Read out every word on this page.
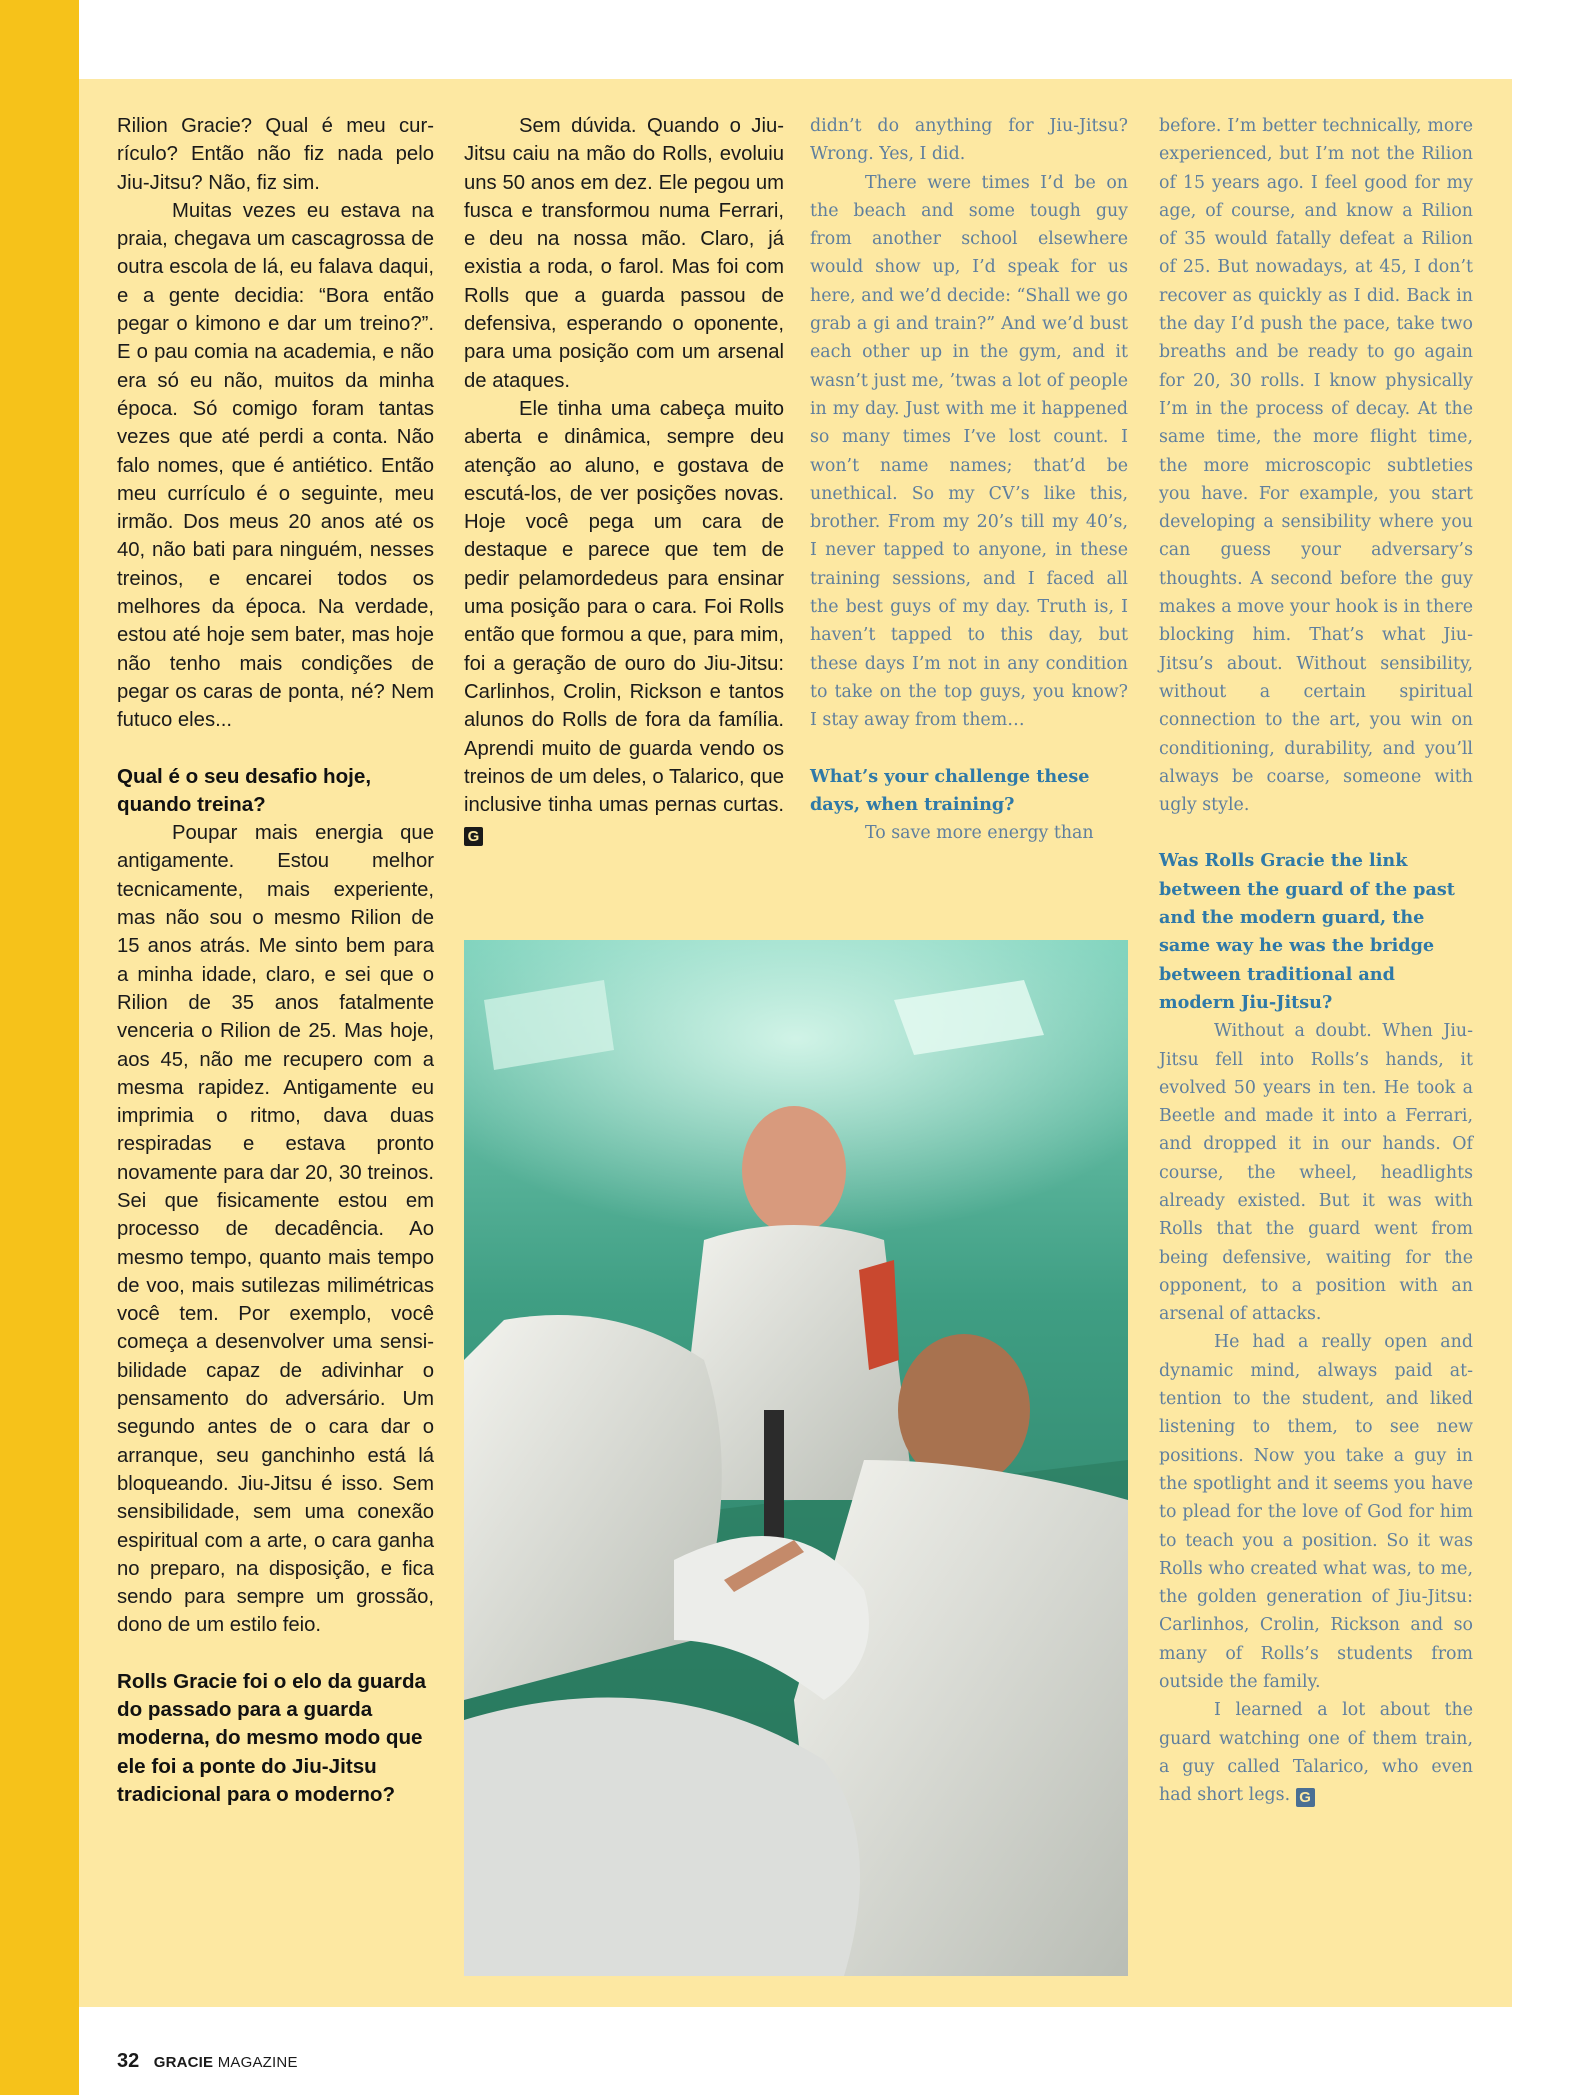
Rilion Gracie? Qual é meu currículo? Então não fiz nada pelo Jiu-Jitsu? Não, fiz sim.

Muitas vezes eu estava na praia, chegava um cascagrossa de outra escola de lá, eu falava daqui, e a gente decidia: “Bora então pegar o kimono e dar um treino?”. E o pau comia na academia, e não era só eu não, muitos da minha época. Só comigo foram tantas vezes que até perdi a conta. Não falo nomes, que é antiético. Então meu currículo é o seguinte, meu irmão. Dos meus 20 anos até os 40, não bati para ninguém, nesses treinos, e encarei todos os melhores da época. Na verdade, estou até hoje sem bater, mas hoje não tenho mais condições de pegar os caras de ponta, né? Nem futuco eles...

Qual é o seu desafio hoje, quando treina?

Poupar mais energia que antigamente. Estou melhor tecnicamente, mais experiente, mas não sou o mesmo Rilion de 15 anos atrás. Me sinto bem para a minha idade, claro, e sei que o Rilion de 35 anos fatalmente venceria o Rilion de 25. Mas hoje, aos 45, não me recupero com a mesma rapidez. Antigamente eu imprimia o ritmo, dava duas respiradas e estava pronto novamente para dar 20, 30 treinos. Sei que fisicamente estou em processo de decadência. Ao mesmo tempo, quanto mais tempo de voo, mais sutilezas milimétricas você tem. Por exemplo, você começa a desenvolver uma sensibilidade capaz de adivinhar o pensamento do adversário. Um segundo antes de o cara dar o arranque, seu ganchinho está lá bloqueando. Jiu-Jitsu é isso. Sem sensibilidade, sem uma conexão espiritual com a arte, o cara ganha no preparo, na disposição, e fica sendo para sempre um grossão, dono de um estilo feio.

Rolls Gracie foi o elo da guarda do passado para a guarda moderna, do mesmo modo que ele foi a ponte do Jiu-Jitsu tradicional para o moderno?

Sem dúvida. Quando o Jiu-Jitsu caiu na mão do Rolls, evoluiu uns 50 anos em dez. Ele pegou um fusca e transformou numa Ferrari, e deu na nossa mão. Claro, já existia a roda, o farol. Mas foi com Rolls que a guarda passou de defensiva, esperando o oponente, para uma posição com um arsenal de ataques.

Ele tinha uma cabeça muito aberta e dinâmica, sempre deu atenção ao aluno, e gostava de escutá-los, de ver posições novas. Hoje você pega um cara de destaque e parece que tem de pedir pelamordedeus para ensinar uma posição para o cara. Foi Rolls então que formou a que, para mim, foi a geração de ouro do Jiu-Jitsu: Carlinhos, Crolin, Rickson e tantos alunos do Rolls de fora da família. Aprendi muito de guarda vendo os treinos de um deles, o Talarico, que inclusive tinha umas pernas curtas. G

didn’t do anything for Jiu-Jitsu? Wrong. Yes, I did.

There were times I’d be on the beach and some tough guy from another school elsewhere would show up, I’d speak for us here, and we’d decide: “Shall we go grab a gi and train?” And we’d bust each other up in the gym, and it wasn’t just me, ’twas a lot of people in my day. Just with me it happened so many times I’ve lost count. I won’t name names; that’d be unethical. So my CV’s like this, brother. From my 20’s till my 40’s, I never tapped to anyone, in these training sessions, and I faced all the best guys of my day. Truth is, I haven’t tapped to this day, but these days I’m not in any condition to take on the top guys, you know? I stay away from them…

What’s your challenge these days, when training?

To save more energy than

before. I’m better technically, more experienced, but I’m not the Rilion of 15 years ago. I feel good for my age, of course, and know a Rilion of 35 would fatally defeat a Rilion of 25. But nowadays, at 45, I don’t recover as quickly as I did. Back in the day I’d push the pace, take two breaths and be ready to go again for 20, 30 rolls. I know physically I’m in the process of decay. At the same time, the more flight time, the more microscopic subtleties you have. For example, you start developing a sensibility where you can guess your adversary’s thoughts. A second before the guy makes a move your hook is in there blocking him. That’s what Jiu-Jitsu’s about. Without sensibility, without a certain spiritual connection to the art, you win on conditioning, durability, and you’ll always be coarse, someone with ugly style.

Was Rolls Gracie the link between the guard of the past and the modern guard, the same way he was the bridge between traditional and modern Jiu-Jitsu?

Without a doubt. When Jiu-Jitsu fell into Rolls’s hands, it evolved 50 years in ten. He took a Beetle and made it into a Ferrari, and dropped it in our hands. Of course, the wheel, headlights already existed. But it was with Rolls that the guard went from being defensive, waiting for the opponent, to a position with an arsenal of attacks.

He had a really open and dynamic mind, always paid attention to the student, and liked listening to them, to see new positions. Now you take a guy in the spotlight and it seems you have to plead for the love of God for him to teach you a position. So it was Rolls who created what was, to me, the golden generation of Jiu-Jitsu: Carlinhos, Crolin, Rickson and so many of Rolls’s students from outside the family.

I learned a lot about the guard watching one of them train, a guy called Talarico, who even had short legs. G

32 GRACIE MAGAZINE
